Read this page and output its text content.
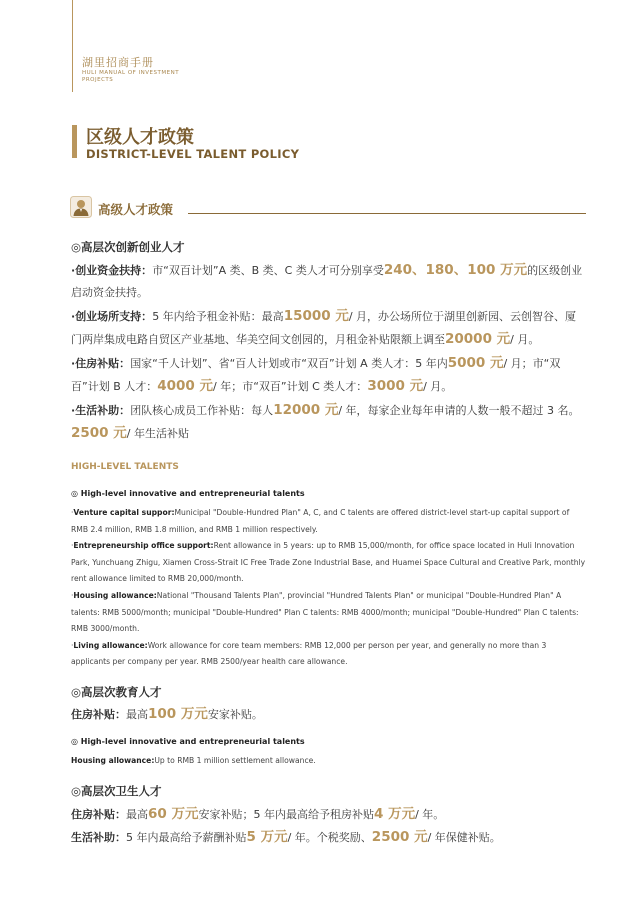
湖里招商手册
HULI MANUAL OF INVESTMENT PROJECTS
区级人才政策
DISTRICT-LEVEL TALENT POLICY
高级人才政策

◎高层次创新创业人才

·创业资金扶持：市“双百计划”A 类、B 类、C 类人才可分别享受240、180、100 万元的区级创业启动资金扶持。

·创业场所支持：5 年内给予租金补贴：最高15000 元/ 月，办公场所位于湖里创新园、云创智谷、厦门两岸集成电路自贸区产业基地、华美空间文创园的，月租金补贴限额上调至20000 元/ 月。

·住房补贴：国家“千人计划”、省“百人计划或市“双百”计划 A 类人才：5 年内5000 元/ 月；市“双百”计划 B 人才：4000 元/ 年；市“双百”计划 C 类人才：3000 元/ 月。

·生活补助：团队核心成员工作补贴：每人12000 元/ 年，每家企业每年申请的人数一般不超过 3 名。2500 元/ 年生活补贴

HIGH-LEVEL TALENTS

◎ High-level innovative and entrepreneurial talents

·Venture capital suppor:Municipal "Double-Hundred Plan" A, C, and C talents are offered district-level start-up capital support of RMB 2.4 million, RMB 1.8 million, and RMB 1 million respectively.

·Entrepreneurship office support:Rent allowance in 5 years: up to RMB 15,000/month, for office space located in Huli Innovation Park, Yunchuang Zhigu, Xiamen Cross-Strait IC Free Trade Zone Industrial Base, and Huamei Space Cultural and Creative Park, monthly rent allowance limited to RMB 20,000/month.

·Housing allowance:National "Thousand Talents Plan", provincial "Hundred Talents Plan" or municipal "Double-Hundred Plan" A talents: RMB 5000/month; municipal "Double-Hundred" Plan C talents: RMB 4000/month; municipal "Double-Hundred" Plan C talents: RMB 3000/month.

·Living allowance:Work allowance for core team members: RMB 12,000 per person per year, and generally no more than 3 applicants per company per year. RMB 2500/year health care allowance.

◎高层次教育人才

住房补贴：最高100 万元安家补贴。

◎ High-level innovative and entrepreneurial talents

Housing allowance:Up to RMB 1 million settlement allowance.

◎高层次卫生人才

住房补贴：最高60 万元安家补贴；5 年内最高给予租房补贴4 万元/ 年。

生活补助：5 年内最高给予薪酬补贴5 万元/ 年。个税奖励、2500 元/ 年保健补贴。
